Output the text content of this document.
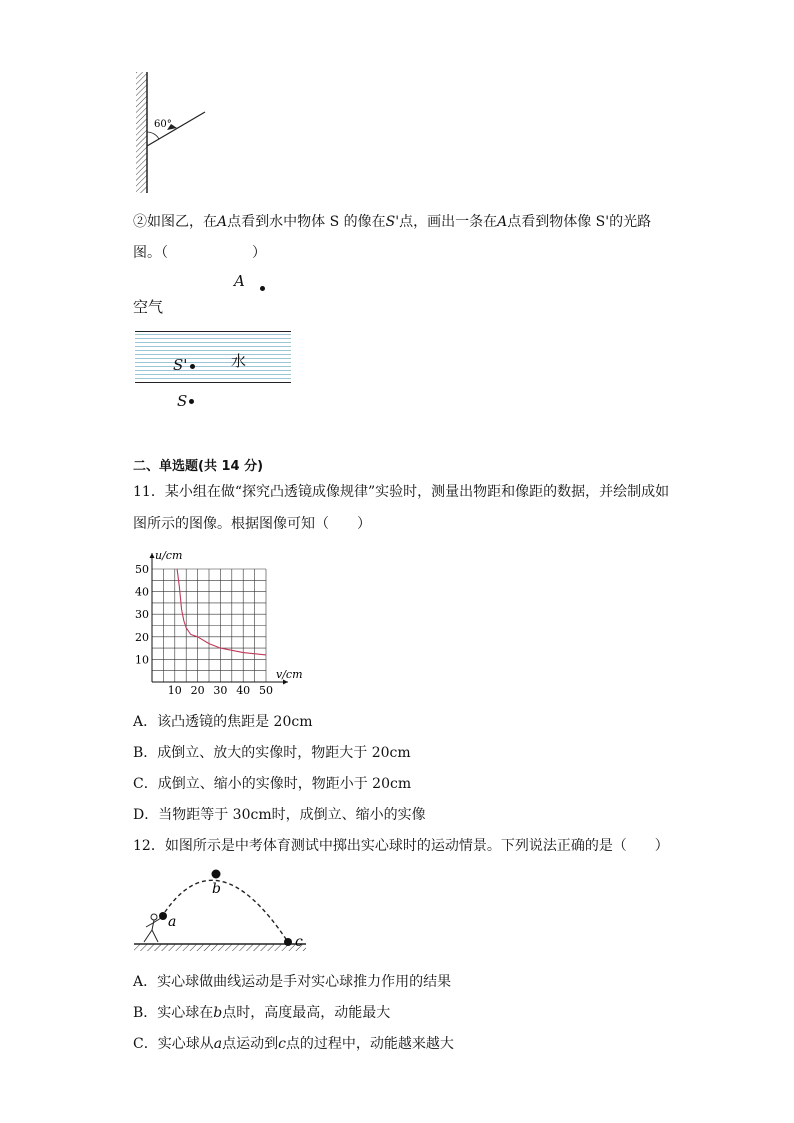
60°
②如图乙，在A点看到水中物体 S 的像在S'点，画出一条在A点看到物体像 S'的光路
图。（　　　　　　）
A
空气
S'	水
S
二、单选题(共 14 分)
11．某小组在做“探究凸透镜成像规律”实验时，测量出物距和像距的数据，并绘制成如
图所示的图像。根据图像可知（　　）
10 20 30 40 50
10
20
30
40
50
u/cm
v/cm
A．该凸透镜的焦距是 20cm
B．成倒立、放大的实像时，物距大于 20cm
C．成倒立、缩小的实像时，物距小于 20cm
D．当物距等于 30cm时，成倒立、缩小的实像
12．如图所示是中考体育测试中掷出实心球时的运动情景。下列说法正确的是（　　）
a
b
c
A．实心球做曲线运动是手对实心球推力作用的结果
B．实心球在b点时，高度最高，动能最大
C．实心球从a点运动到c点的过程中，动能越来越大
